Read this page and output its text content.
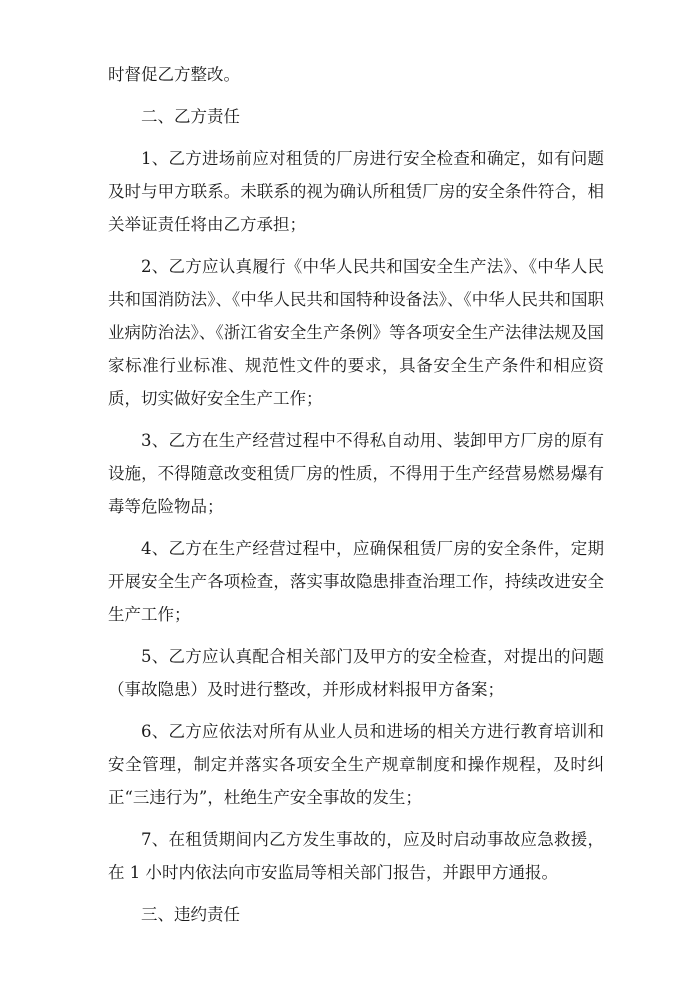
时督促乙方整改。

二、乙方责任

1、乙方进场前应对租赁的厂房进行安全检查和确定，如有问题及时与甲方联系。未联系的视为确认所租赁厂房的安全条件符合，相关举证责任将由乙方承担；

2、乙方应认真履行《中华人民共和国安全生产法》、《中华人民共和国消防法》、《中华人民共和国特种设备法》、《中华人民共和国职业病防治法》、《浙江省安全生产条例》等各项安全生产法律法规及国家标准行业标准、规范性文件的要求，具备安全生产条件和相应资质，切实做好安全生产工作；

3、乙方在生产经营过程中不得私自动用、装卸甲方厂房的原有设施，不得随意改变租赁厂房的性质，不得用于生产经营易燃易爆有毒等危险物品；

4、乙方在生产经营过程中，应确保租赁厂房的安全条件，定期开展安全生产各项检查，落实事故隐患排查治理工作，持续改进安全生产工作；

5、乙方应认真配合相关部门及甲方的安全检查，对提出的问题（事故隐患）及时进行整改，并形成材料报甲方备案；

6、乙方应依法对所有从业人员和进场的相关方进行教育培训和安全管理，制定并落实各项安全生产规章制度和操作规程，及时纠正“三违行为”，杜绝生产安全事故的发生；

7、在租赁期间内乙方发生事故的，应及时启动事故应急救援，在 1 小时内依法向市安监局等相关部门报告，并跟甲方通报。

三、违约责任
